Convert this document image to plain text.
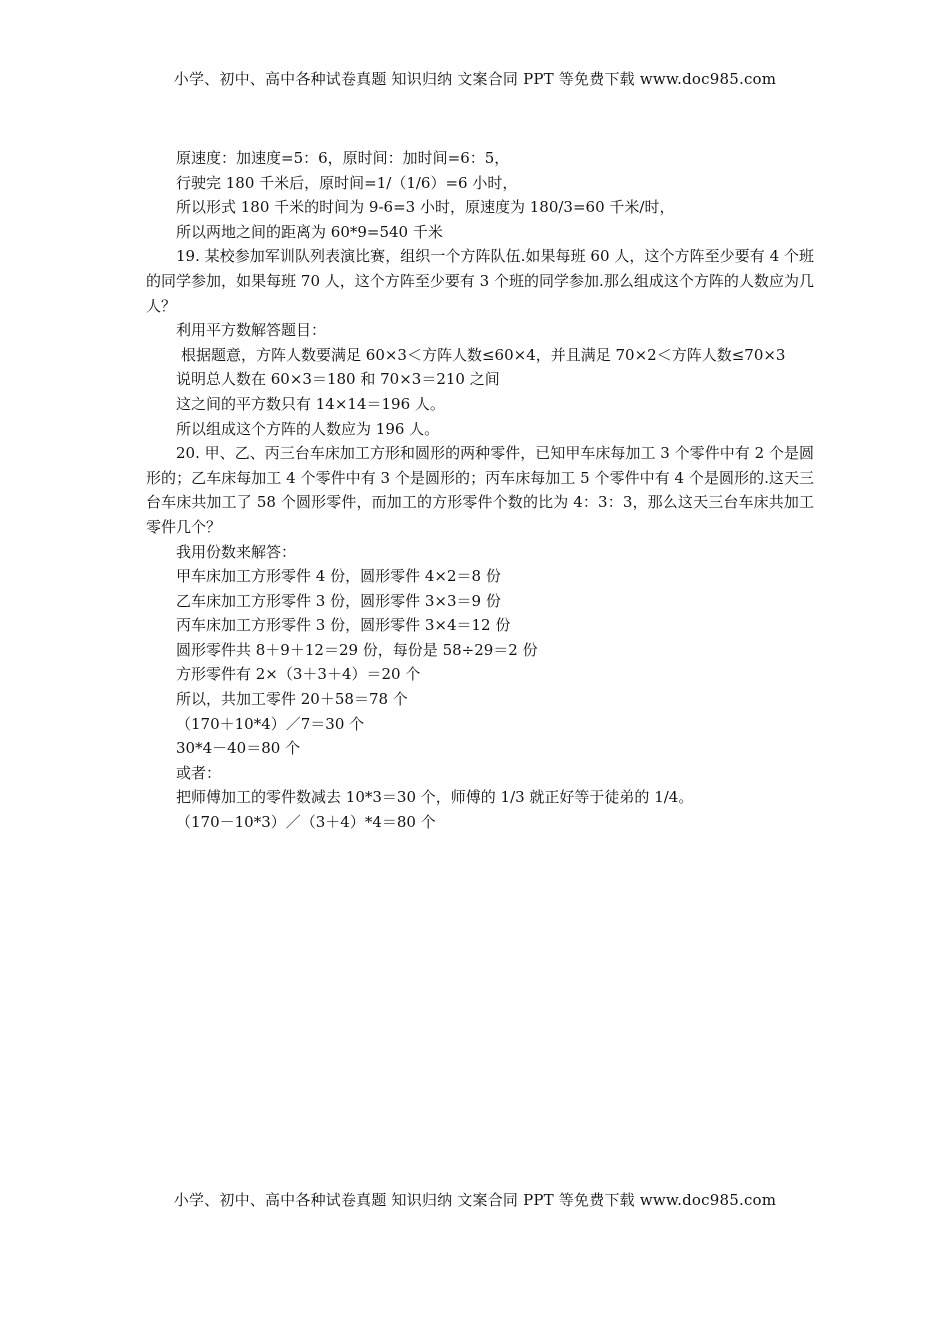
小学、初中、高中各种试卷真题 知识归纳 文案合同 PPT 等免费下载 www.doc985.com
原速度：加速度=5：6，原时间：加时间=6：5，
行驶完 180 千米后，原时间=1/（1/6）=6 小时，
所以形式 180 千米的时间为 9-6=3 小时，原速度为 180/3=60 千米/时，
所以两地之间的距离为 60*9=540 千米
19. 某校参加军训队列表演比赛，组织一个方阵队伍.如果每班 60 人，这个方阵至少要有 4 个班的同学参加，如果每班 70 人，这个方阵至少要有 3 个班的同学参加.那么组成这个方阵的人数应为几人？
利用平方数解答题目：
根据题意，方阵人数要满足 60×3＜方阵人数≤60×4，并且满足 70×2＜方阵人数≤70×3
说明总人数在 60×3＝180 和 70×3＝210 之间
这之间的平方数只有 14×14＝196 人。
所以组成这个方阵的人数应为 196 人。
20. 甲、乙、丙三台车床加工方形和圆形的两种零件，已知甲车床每加工 3 个零件中有 2 个是圆形的；乙车床每加工 4 个零件中有 3 个是圆形的；丙车床每加工 5 个零件中有 4 个是圆形的.这天三台车床共加工了 58 个圆形零件，而加工的方形零件个数的比为 4：3：3，那么这天三台车床共加工零件几个？
我用份数来解答：
甲车床加工方形零件 4 份，圆形零件 4×2＝8 份
乙车床加工方形零件 3 份，圆形零件 3×3＝9 份
丙车床加工方形零件 3 份，圆形零件 3×4＝12 份
圆形零件共 8＋9＋12＝29 份，每份是 58÷29＝2 份
方形零件有 2×（3＋3＋4）＝20 个
所以，共加工零件 20＋58＝78 个
（170＋10*4）／7＝30 个
30*4－40＝80 个
或者：
把师傅加工的零件数减去 10*3＝30 个，师傅的 1/3 就正好等于徒弟的 1/4。
（170－10*3）／（3＋4）*4＝80 个
小学、初中、高中各种试卷真题 知识归纳 文案合同 PPT 等免费下载 www.doc985.com
